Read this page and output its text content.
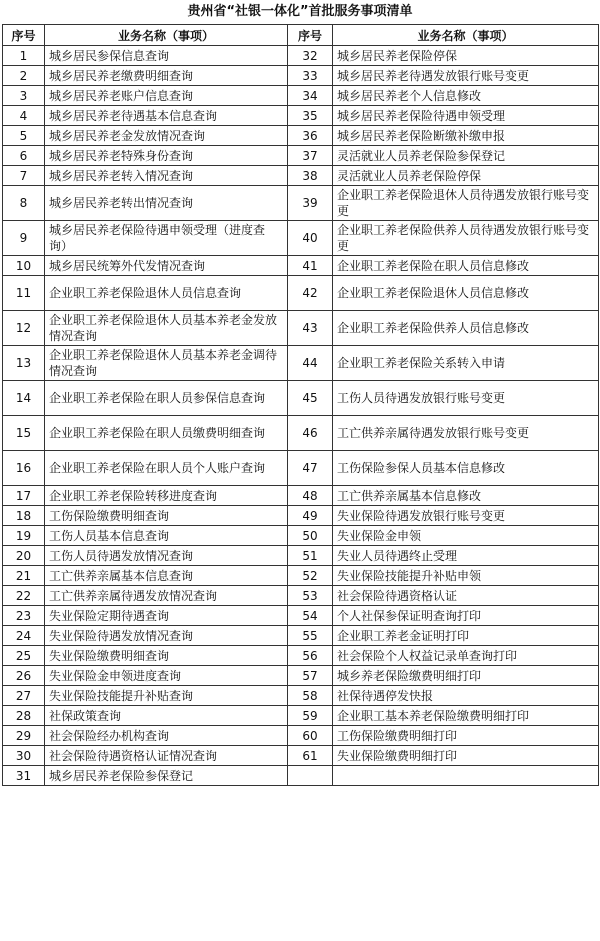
贵州省“社银一体化”首批服务事项清单
序号	业务名称（事项）	序号	业务名称（事项）
1	城乡居民参保信息查询	32	城乡居民养老保险停保
2	城乡居民养老缴费明细查询	33	城乡居民养老待遇发放银行账号变更
3	城乡居民养老账户信息查询	34	城乡居民养老个人信息修改
4	城乡居民养老待遇基本信息查询	35	城乡居民养老保险待遇申领受理
5	城乡居民养老金发放情况查询	36	城乡居民养老保险断缴补缴申报
6	城乡居民养老特殊身份查询	37	灵活就业人员养老保险参保登记
7	城乡居民养老转入情况查询	38	灵活就业人员养老保险停保
8	城乡居民养老转出情况查询	39	企业职工养老保险退休人员待遇发放银行账号变更
9	城乡居民养老保险待遇申领受理（进度查询）	40	企业职工养老保险供养人员待遇发放银行账号变更
10	城乡居民统筹外代发情况查询	41	企业职工养老保险在职人员信息修改
11	企业职工养老保险退休人员信息查询	42	企业职工养老保险退休人员信息修改
12	企业职工养老保险退休人员基本养老金发放情况查询	43	企业职工养老保险供养人员信息修改
13	企业职工养老保险退休人员基本养老金调待情况查询	44	企业职工养老保险关系转入申请
14	企业职工养老保险在职人员参保信息查询	45	工伤人员待遇发放银行账号变更
15	企业职工养老保险在职人员缴费明细查询	46	工亡供养亲属待遇发放银行账号变更
16	企业职工养老保险在职人员个人账户查询	47	工伤保险参保人员基本信息修改
17	企业职工养老保险转移进度查询	48	工亡供养亲属基本信息修改
18	工伤保险缴费明细查询	49	失业保险待遇发放银行账号变更
19	工伤人员基本信息查询	50	失业保险金申领
20	工伤人员待遇发放情况查询	51	失业人员待遇终止受理
21	工亡供养亲属基本信息查询	52	失业保险技能提升补贴申领
22	工亡供养亲属待遇发放情况查询	53	社会保险待遇资格认证
23	失业保险定期待遇查询	54	个人社保参保证明查询打印
24	失业保险待遇发放情况查询	55	企业职工养老金证明打印
25	失业保险缴费明细查询	56	社会保险个人权益记录单查询打印
26	失业保险金申领进度查询	57	城乡养老保险缴费明细打印
27	失业保险技能提升补贴查询	58	社保待遇停发快报
28	社保政策查询	59	企业职工基本养老保险缴费明细打印
29	社会保险经办机构查询	60	工伤保险缴费明细打印
30	社会保险待遇资格认证情况查询	61	失业保险缴费明细打印
31	城乡居民养老保险参保登记		
